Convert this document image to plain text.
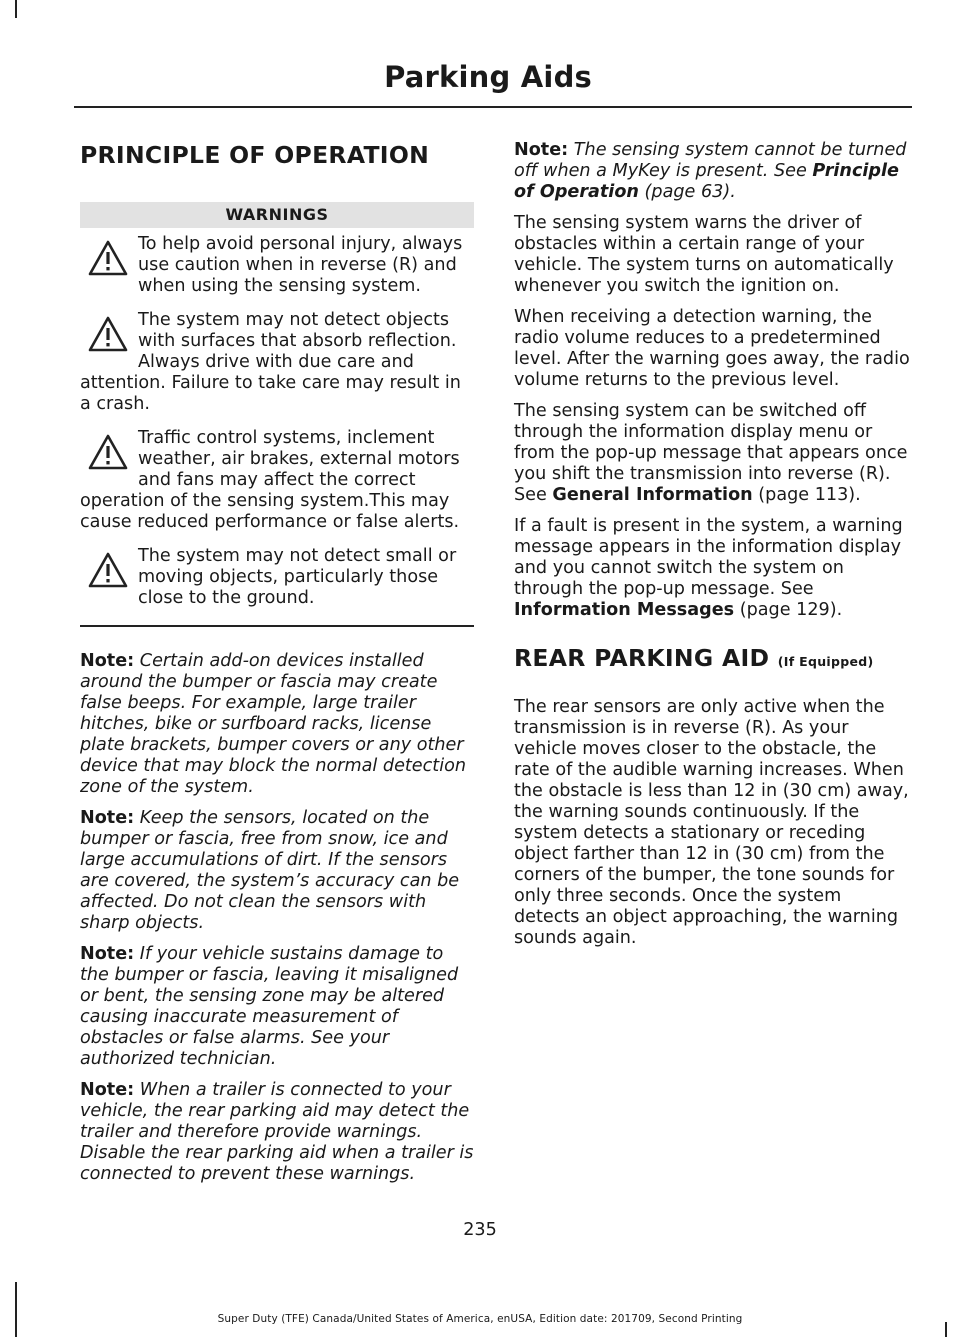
Parking Aids
PRINCIPLE OF OPERATION
WARNINGS
To help avoid personal injury, always use caution when in reverse (R) and when using the sensing system.
The system may not detect objects with surfaces that absorb reflection. Always drive with due care and attention. Failure to take care may result in a crash.
Traffic control systems, inclement weather, air brakes, external motors and fans may affect the correct operation of the sensing system.This may cause reduced performance or false alerts.
The system may not detect small or moving objects, particularly those close to the ground.

Note: Certain add-on devices installed around the bumper or fascia may create false beeps. For example, large trailer hitches, bike or surfboard racks, license plate brackets, bumper covers or any other device that may block the normal detection zone of the system.

Note: Keep the sensors, located on the bumper or fascia, free from snow, ice and large accumulations of dirt. If the sensors are covered, the system’s accuracy can be affected. Do not clean the sensors with sharp objects.

Note: If your vehicle sustains damage to the bumper or fascia, leaving it misaligned or bent, the sensing zone may be altered causing inaccurate measurement of obstacles or false alarms. See your authorized technician.

Note: When a trailer is connected to your vehicle, the rear parking aid may detect the trailer and therefore provide warnings. Disable the rear parking aid when a trailer is connected to prevent these warnings.

Note: The sensing system cannot be turned off when a MyKey is present. See Principle of Operation (page 63).

The sensing system warns the driver of obstacles within a certain range of your vehicle. The system turns on automatically whenever you switch the ignition on.

When receiving a detection warning, the radio volume reduces to a predetermined level. After the warning goes away, the radio volume returns to the previous level.

The sensing system can be switched off through the information display menu or from the pop-up message that appears once you shift the transmission into reverse (R). See General Information (page 113).

If a fault is present in the system, a warning message appears in the information display and you cannot switch the system on through the pop-up message. See Information Messages (page 129).

REAR PARKING AID (If Equipped)

The rear sensors are only active when the transmission is in reverse (R). As your vehicle moves closer to the obstacle, the rate of the audible warning increases. When the obstacle is less than 12 in (30 cm) away, the warning sounds continuously. If the system detects a stationary or receding object farther than 12 in (30 cm) from the corners of the bumper, the tone sounds for only three seconds. Once the system detects an object approaching, the warning sounds again.

235
Super Duty (TFE) Canada/United States of America, enUSA, Edition date: 201709, Second Printing
